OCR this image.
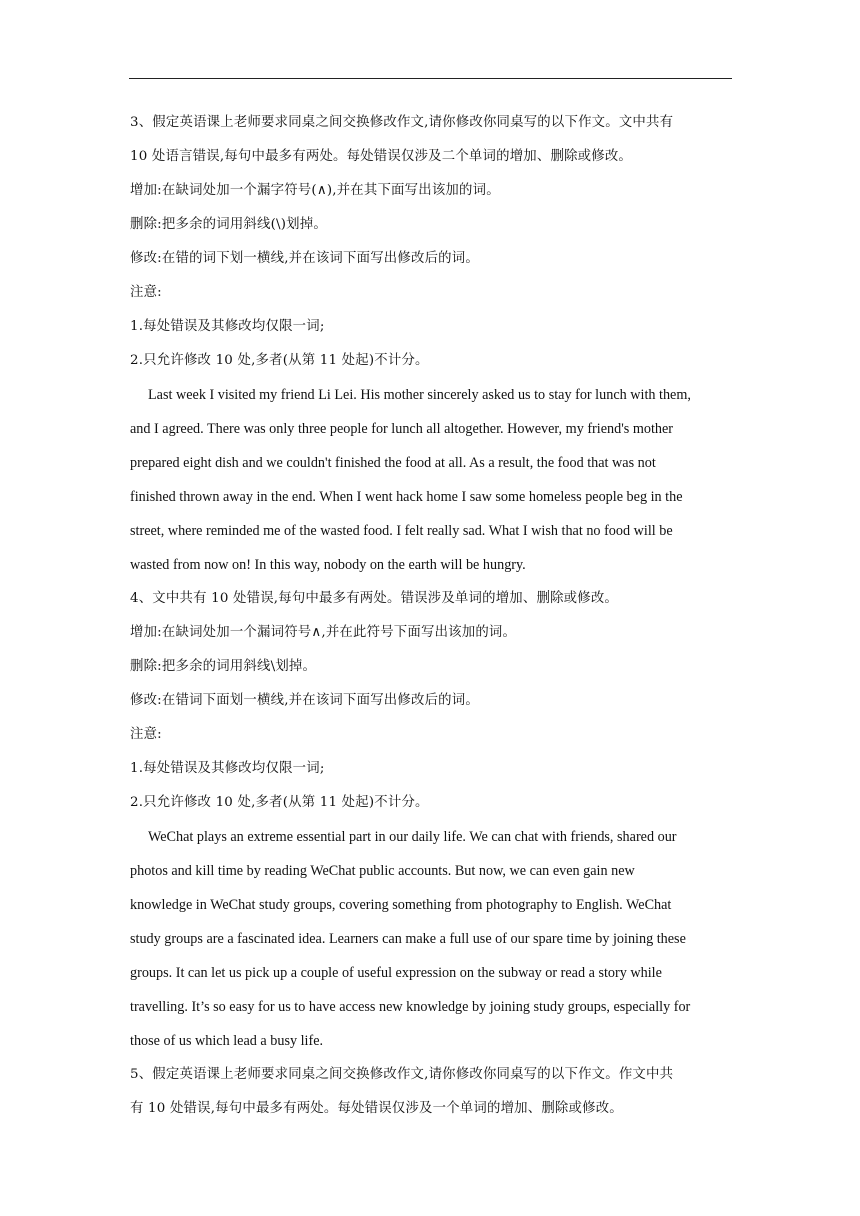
3、假定英语课上老师要求同桌之间交换修改作文,请你修改你同桌写的以下作文。文中共有
10 处语言错误,每句中最多有两处。每处错误仅涉及二个单词的增加、删除或修改。
增加:在缺词处加一个漏字符号(∧),并在其下面写出该加的词。
删除:把多余的词用斜线(\)划掉。
修改:在错的词下划一横线,并在该词下面写出修改后的词。
注意:
1.每处错误及其修改均仅限一词;
2.只允许修改 10 处,多者(从第 11 处起)不计分。
Last week I visited my friend Li Lei. His mother sincerely asked us to stay for lunch with them,
and I agreed. There was only three people for lunch all altogether. However, my friend's mother
prepared eight dish and we couldn't finished the food at all. As a result, the food that was not
finished thrown away in the end. When I went hack home I saw some homeless people beg in the
street, where reminded me of the wasted food. I felt really sad. What I wish that no food will be
wasted from now on! In this way, nobody on the earth will be hungry.
4、文中共有 10 处错误,每句中最多有两处。错误涉及单词的增加、删除或修改。
增加:在缺词处加一个漏词符号∧,并在此符号下面写出该加的词。
删除:把多余的词用斜线\划掉。
修改:在错词下面划一横线,并在该词下面写出修改后的词。
注意:
1.每处错误及其修改均仅限一词;
2.只允许修改 10 处,多者(从第 11 处起)不计分。
WeChat plays an extreme essential part in our daily life. We can chat with friends, shared our
photos and kill time by reading WeChat public accounts. But now, we can even gain new
knowledge in WeChat study groups, covering something from photography to English. WeChat
study groups are a fascinated idea. Learners can make a full use of our spare time by joining these
groups. It can let us pick up a couple of useful expression on the subway or read a story while
travelling. It’s so easy for us to have access new knowledge by joining study groups, especially for
those of us which lead a busy life.
5、假定英语课上老师要求同桌之间交换修改作文,请你修改你同桌写的以下作文。作文中共
有 10 处错误,每句中最多有两处。每处错误仅涉及一个单词的增加、删除或修改。
